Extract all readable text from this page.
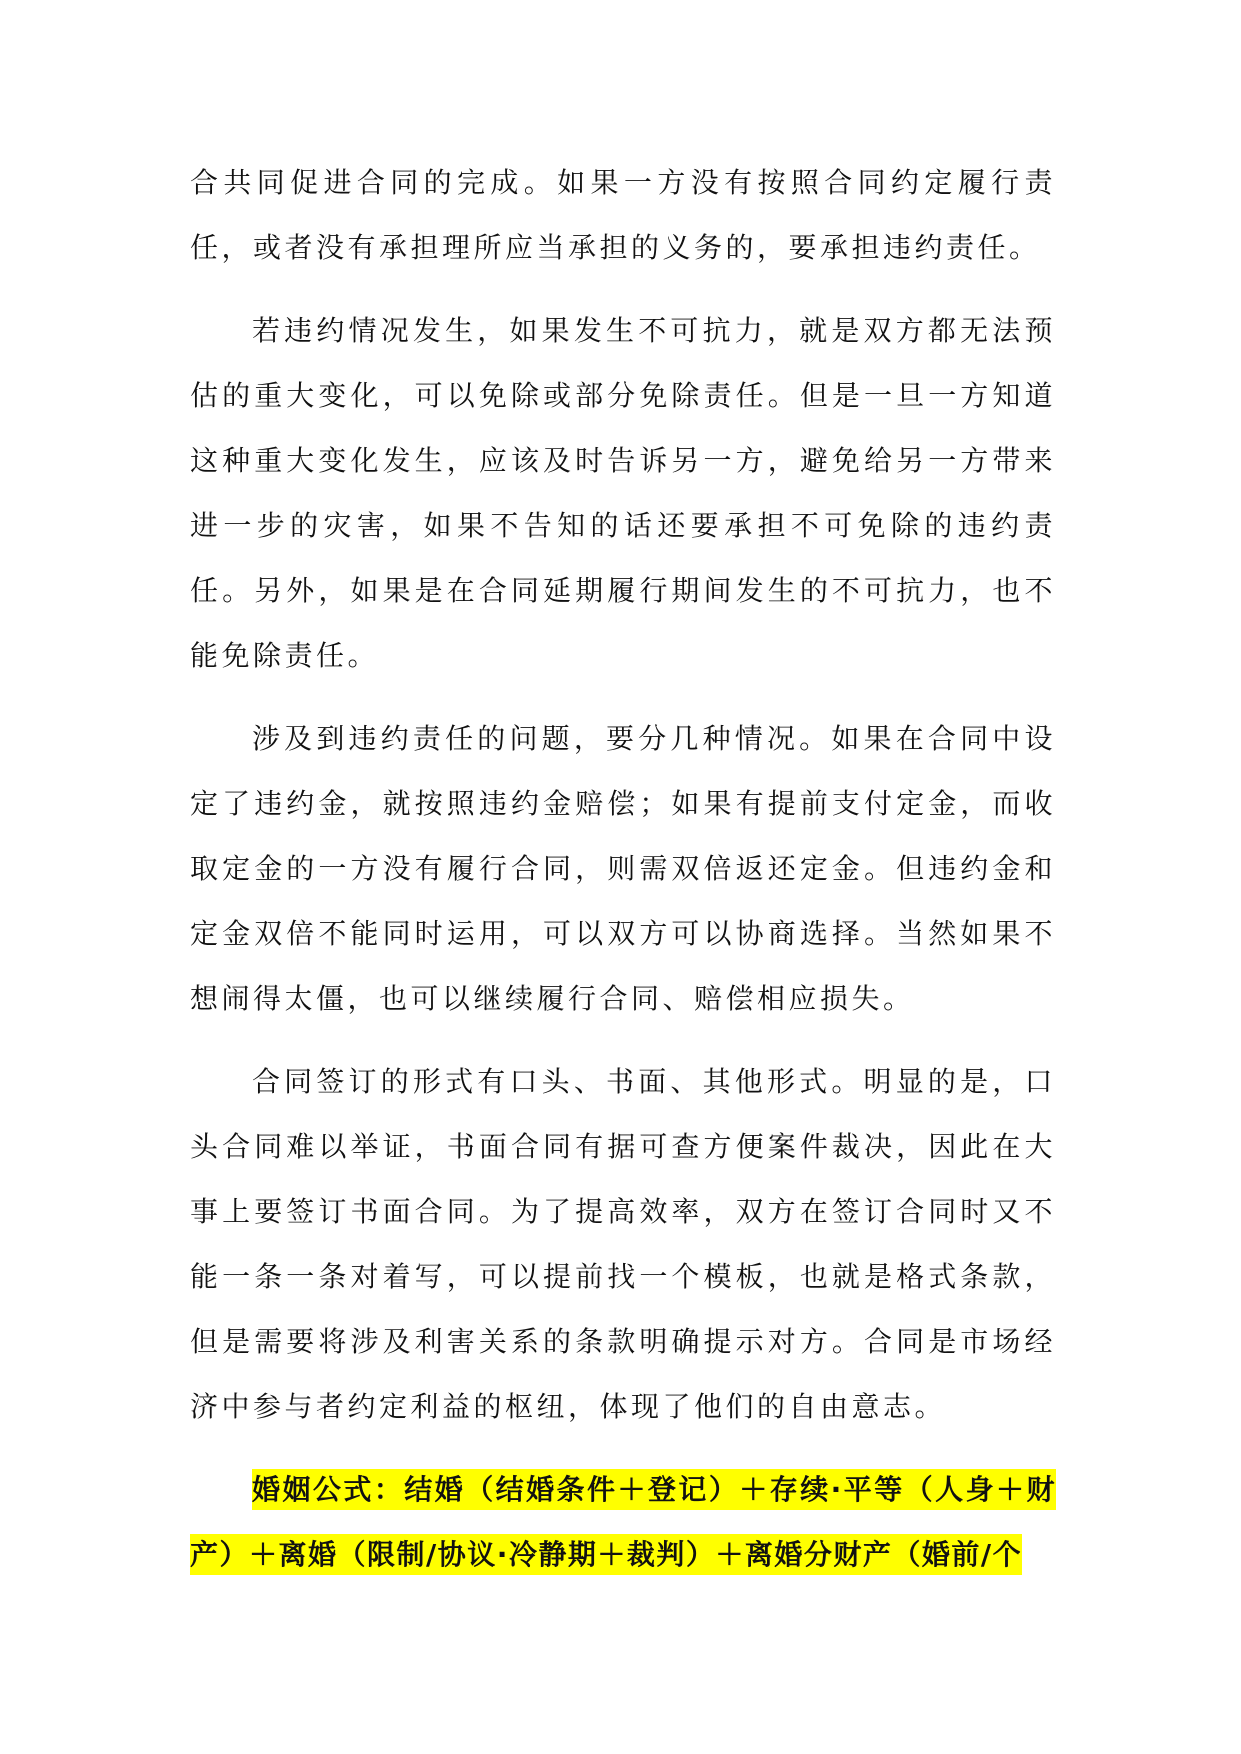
合共同促进合同的完成。如果一方没有按照合同约定履行责任，或者没有承担理所应当承担的义务的，要承担违约责任。

若违约情况发生，如果发生不可抗力，就是双方都无法预估的重大变化，可以免除或部分免除责任。但是一旦一方知道这种重大变化发生，应该及时告诉另一方，避免给另一方带来进一步的灾害，如果不告知的话还要承担不可免除的违约责任。另外，如果是在合同延期履行期间发生的不可抗力，也不能免除责任。

涉及到违约责任的问题，要分几种情况。如果在合同中设定了违约金，就按照违约金赔偿；如果有提前支付定金，而收取定金的一方没有履行合同，则需双倍返还定金。但违约金和定金双倍不能同时运用，可以双方可以协商选择。当然如果不想闹得太僵，也可以继续履行合同、赔偿相应损失。

合同签订的形式有口头、书面、其他形式。明显的是，口头合同难以举证，书面合同有据可查方便案件裁决，因此在大事上要签订书面合同。为了提高效率，双方在签订合同时又不能一条一条对着写，可以提前找一个模板，也就是格式条款，但是需要将涉及利害关系的条款明确提示对方。合同是市场经济中参与者约定利益的枢纽，体现了他们的自由意志。

婚姻公式：结婚（结婚条件＋登记）＋存续·平等（人身＋财产）＋离婚（限制/协议·冷静期＋裁判）＋离婚分财产（婚前/个
